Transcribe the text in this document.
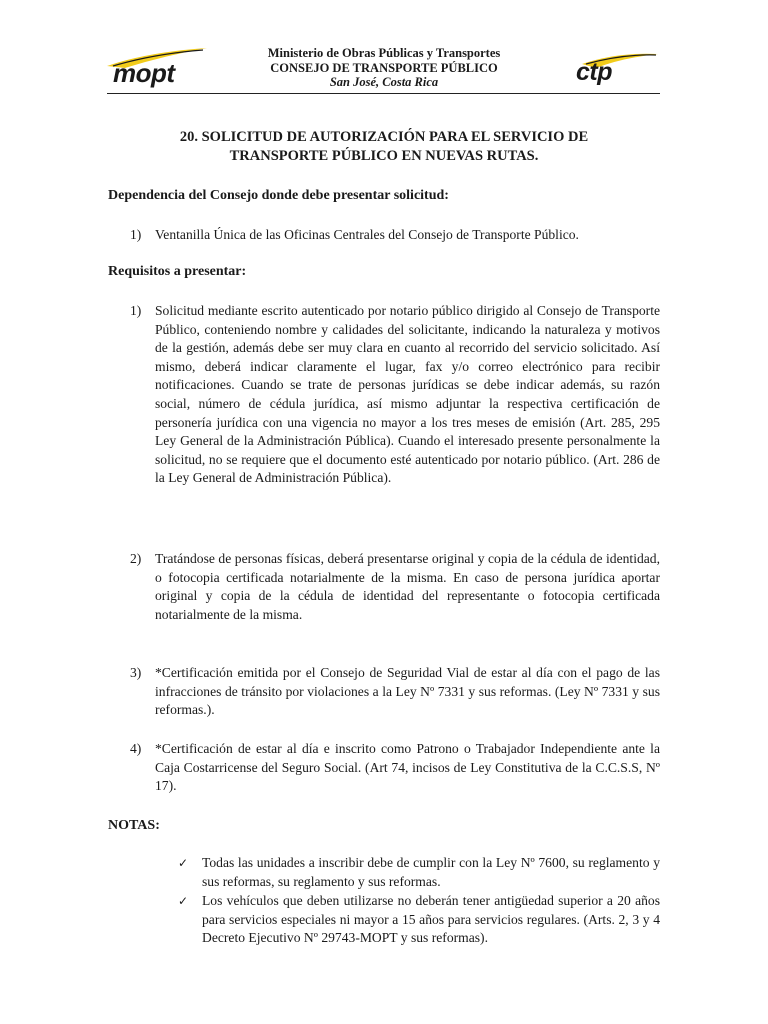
mopt
Ministerio de Obras Públicas y Transportes
CONSEJO DE TRANSPORTE PÚBLICO
San José, Costa Rica	ctp
20. SOLICITUD DE AUTORIZACIÓN PARA EL SERVICIO DE
TRANSPORTE PÚBLICO EN NUEVAS RUTAS.
Dependencia del Consejo donde debe presentar solicitud:
1)	Ventanilla Única de las Oficinas Centrales del Consejo de Transporte Público.
Requisitos a presentar:
1)	Solicitud mediante escrito autenticado por notario público dirigido al Consejo de Transporte Público, conteniendo nombre y calidades del solicitante, indicando la naturaleza y motivos de la gestión, además debe ser muy clara en cuanto al recorrido del servicio solicitado. Así mismo, deberá indicar claramente el lugar, fax y/o correo electrónico para recibir notificaciones. Cuando se trate de personas jurídicas se debe indicar además, su razón social, número de cédula jurídica, así mismo adjuntar la respectiva certificación de personería jurídica con una vigencia no mayor a los tres meses de emisión (Art. 285, 295 Ley General de la Administración Pública). Cuando el interesado presente personalmente la solicitud, no se requiere que el documento esté autenticado por notario público. (Art. 286 de la Ley General de Administración Pública).
2)	Tratándose de personas físicas, deberá presentarse original y copia de la cédula de identidad, o fotocopia certificada notarialmente de la misma. En caso de persona jurídica aportar original y copia de la cédula de identidad del representante o fotocopia certificada notarialmente de la misma.
3)	*Certificación emitida por el Consejo de Seguridad Vial de estar al día con el pago de las infracciones de tránsito por violaciones a la Ley Nº 7331 y sus reformas. (Ley Nº 7331 y sus reformas.).
4)	*Certificación de estar al día e inscrito como Patrono o Trabajador Independiente ante la Caja Costarricense del Seguro Social. (Art 74, incisos de Ley Constitutiva de la C.C.S.S, Nº 17).
NOTAS:
✓	Todas las unidades a inscribir debe de cumplir con la Ley Nº 7600, su reglamento y sus reformas, su reglamento y sus reformas.
✓	Los vehículos que deben utilizarse no deberán tener antigüedad superior a 20 años para servicios especiales ni mayor a 15 años para servicios regulares. (Arts. 2, 3 y 4 Decreto Ejecutivo Nº 29743-MOPT y sus reformas).
